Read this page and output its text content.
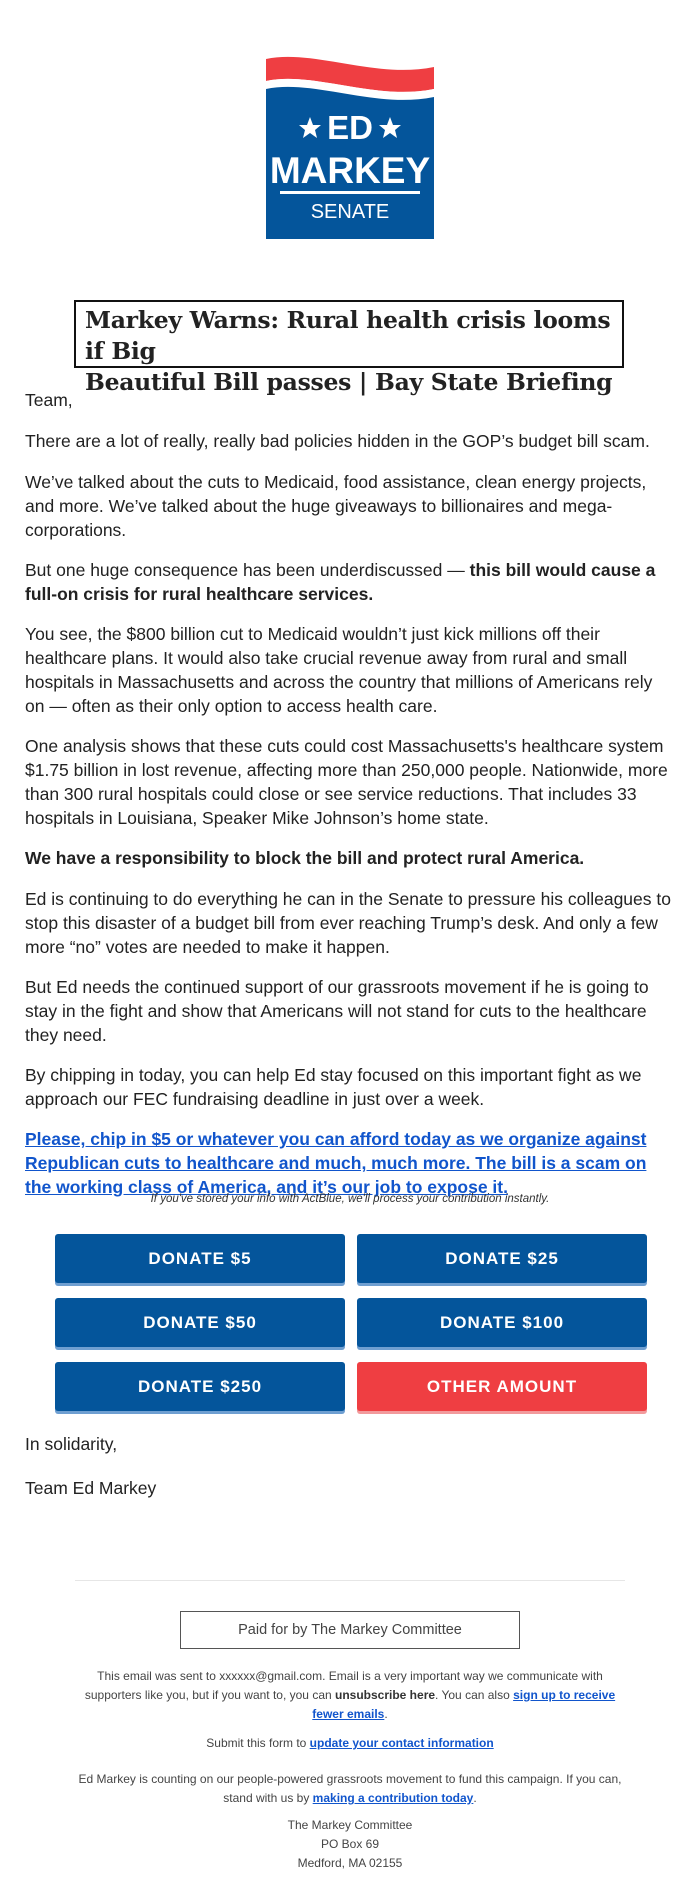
ED
MARKEY
SENATE
Markey Warns: Rural health crisis looms if Big
Beautiful Bill passes | Bay State Briefing

Team,

There are a lot of really, really bad policies hidden in the GOP’s budget bill scam.

We’ve talked about the cuts to Medicaid, food assistance, clean energy projects, and more. We’ve talked about the huge giveaways to billionaires and mega-corporations.

But one huge consequence has been underdiscussed — this bill would cause a full-on crisis for rural healthcare services.

You see, the $800 billion cut to Medicaid wouldn’t just kick millions off their healthcare plans. It would also take crucial revenue away from rural and small hospitals in Massachusetts and across the country that millions of Americans rely on — often as their only option to access health care.

One analysis shows that these cuts could cost Massachusetts's healthcare system $1.75 billion in lost revenue, affecting more than 250,000 people. Nationwide, more than 300 rural hospitals could close or see service reductions. That includes 33 hospitals in Louisiana, Speaker Mike Johnson’s home state.

We have a responsibility to block the bill and protect rural America.

Ed is continuing to do everything he can in the Senate to pressure his colleagues to stop this disaster of a budget bill from ever reaching Trump’s desk. And only a few more “no” votes are needed to make it happen.

But Ed needs the continued support of our grassroots movement if he is going to stay in the fight and show that Americans will not stand for cuts to the healthcare they need.

By chipping in today, you can help Ed stay focused on this important fight as we approach our FEC fundraising deadline in just over a week.

Please, chip in $5 or whatever you can afford today as we organize against Republican cuts to healthcare and much, much more. The bill is a scam on the working class of America, and it’s our job to expose it.

If you've stored your info with ActBlue, we'll process your contribution instantly.
DONATE $5	DONATE $25
DONATE $50	DONATE $100
DONATE $250	OTHER AMOUNT
In solidarity,
Team Ed Markey
Paid for by The Markey Committee
This email was sent to xxxxxx@gmail.com. Email is a very important way we communicate with supporters like you, but if you want to, you can unsubscribe here. You can also sign up to receive fewer emails.
Submit this form to update your contact information
Ed Markey is counting on our people-powered grassroots movement to fund this campaign. If you can, stand with us by making a contribution today.
The Markey Committee
PO Box 69
Medford, MA 02155
